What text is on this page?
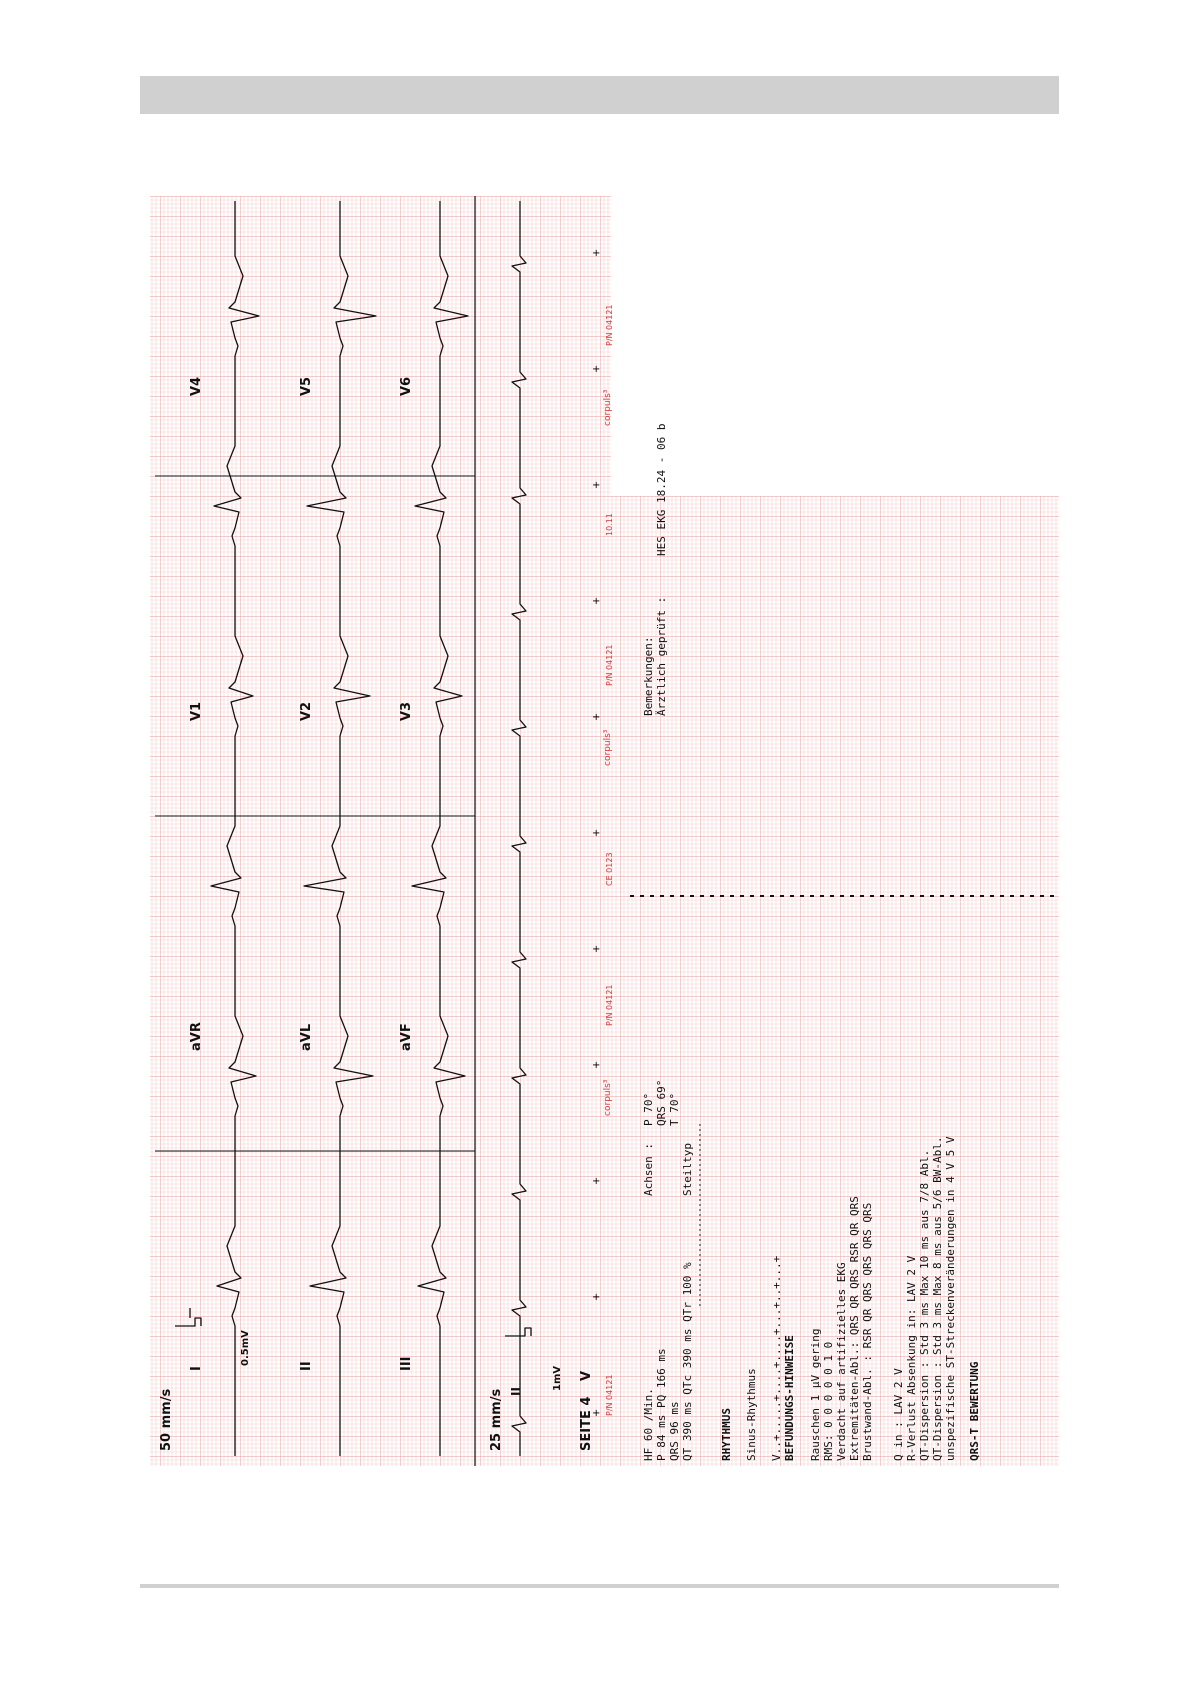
+
+
+
+
+
+
+
+
+
+
+
I	II	III
aVR	aVL	aVF
V1	V2	V3
V4	V5	V6
50 mm/s
0.5mV
25 mm/s
1mV
SEITE 4
V
II
corpuls³
corpuls³
corpuls³
P/N 04121
P/N 04121
P/N 04121
P/N 04121
CE 0123
10.11
HF 60 /Min. P 84 ms PQ 166 ms QRS 96 ms QT 390 ms QTc 390 ms QTr 100 %
Achsen :
P 70° QRS 69° T 70°
Steiltyp
Bemerkungen: Ärztlich geprüft :
HES EKG 18.24 - 06 b
RHYTHMUS Sinus-Rhythmus V..+.....+....+....+...+..+...+ BEFUNDUNGS-HINWEISE Rauschen 1 µV gering RMS: 0 0 0 0 0 1 0 Verdacht auf artifizielles EKG Extremitäten-Abl.: QRS QR QRS RSR QR QRS Brustwand-Abl. : RSR QR QRS QRS QRS QRS Q in : LAV 2 V R-Verlust Absenkung in: LAV 2 V QT-Dispersion : Std 3 ms Max 10 ms aus 7/8 Abl. QT-Dispersion : Std 3 ms Max 8 ms aus 5/6 BW-Abl. unspezifische ST-Streckenveränderungen in 4 V 5 V QRS-T BEWERTUNG
